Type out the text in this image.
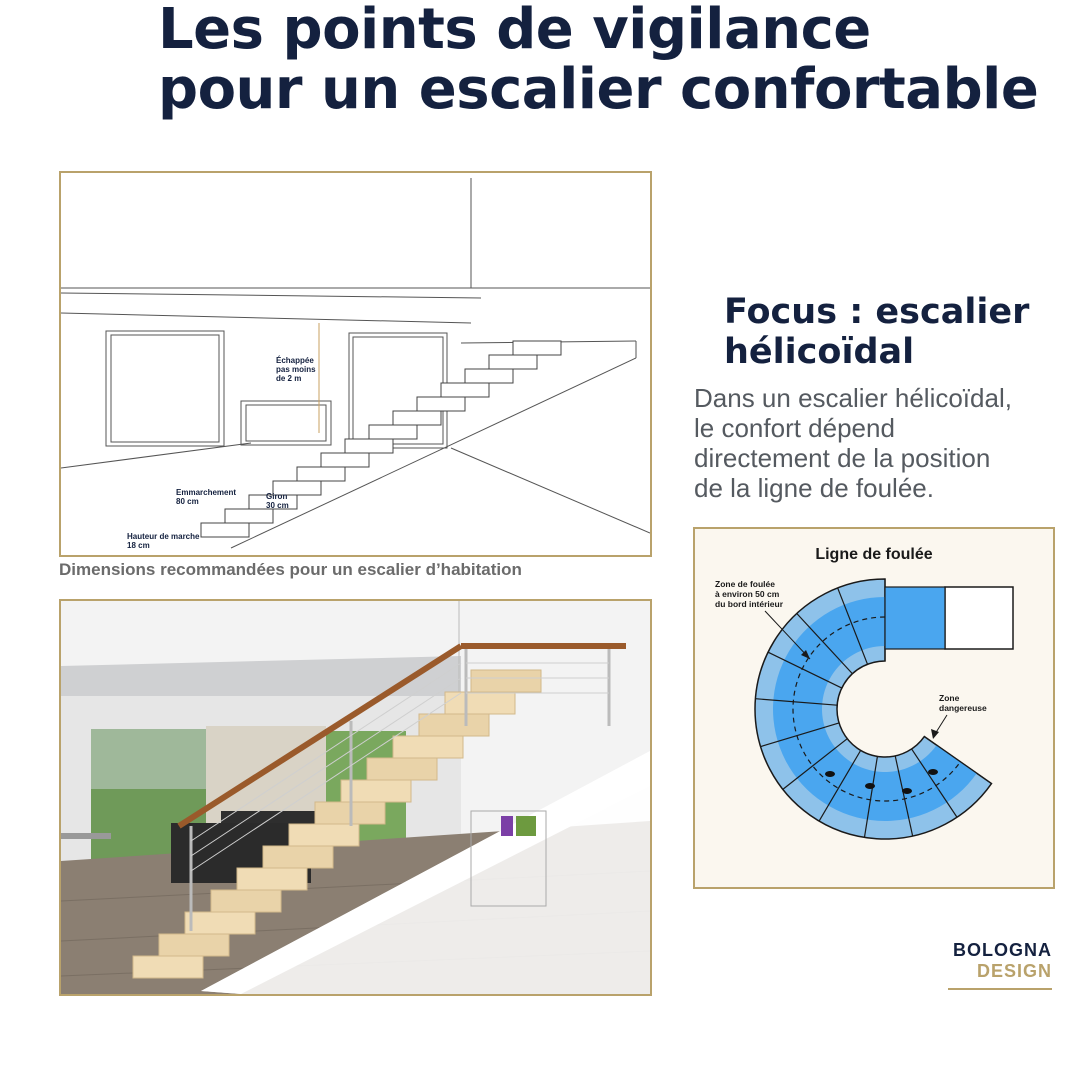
Les points de vigilance
pour un escalier confortable
Échappée
pas moins
de 2 m
Emmarchement
80 cm
Giron
30 cm
Hauteur de marche
18 cm
Dimensions recommandées pour un escalier d’habitation
Focus : escalier
hélicoïdal
Dans un escalier hélicoïdal,
le confort dépend
directement de la position
de la ligne de foulée.
Ligne de foulée
Zone de foulée
à environ 50 cm
du bord intérieur
Zone
dangereuse
BOLOGNA
DESIGN
